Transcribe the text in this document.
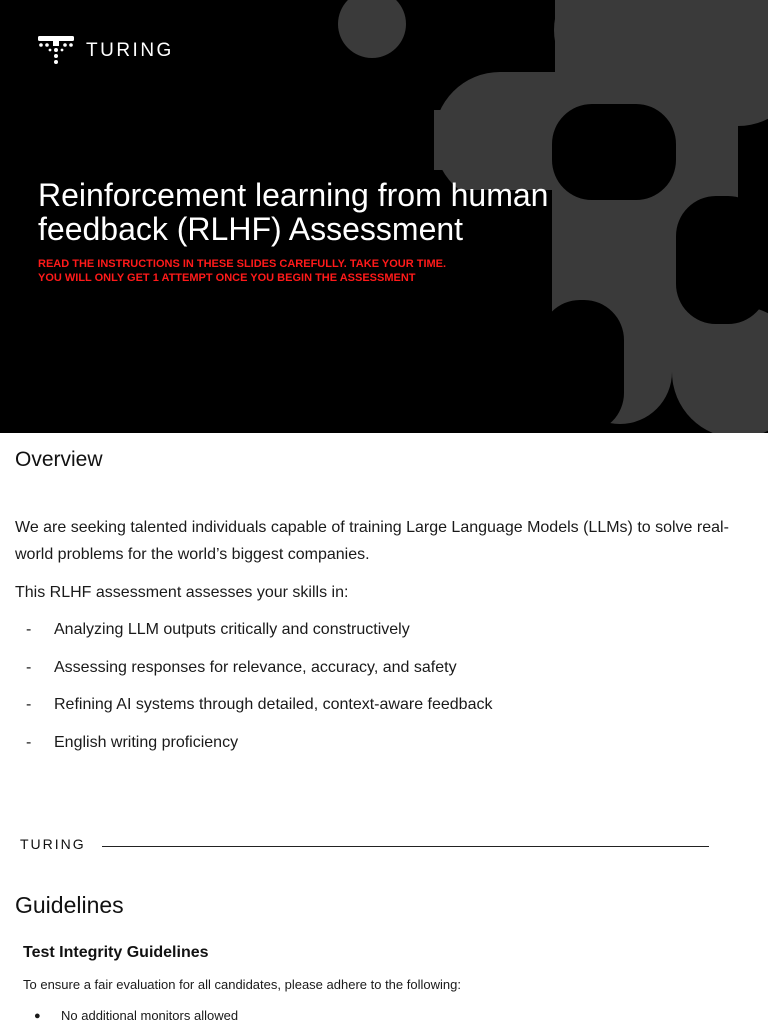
TURING
Reinforcement learning from human feedback (RLHF) Assessment
READ THE INSTRUCTIONS IN THESE SLIDES CAREFULLY. TAKE YOUR TIME.
YOU WILL ONLY GET 1 ATTEMPT ONCE YOU BEGIN THE ASSESSMENT
Overview

We are seeking talented individuals capable of training Large Language Models (LLMs) to solve real-world problems for the world’s biggest companies.

This RLHF assessment assesses your skills in:

-	Analyzing LLM outputs critically and constructively
-	Assessing responses for relevance, accuracy, and safety
-	Refining AI systems through detailed, context-aware feedback
-	English writing proficiency
TURING
Guidelines
Test Integrity Guidelines

To ensure a fair evaluation for all candidates, please adhere to the following:

●	No additional monitors allowed
